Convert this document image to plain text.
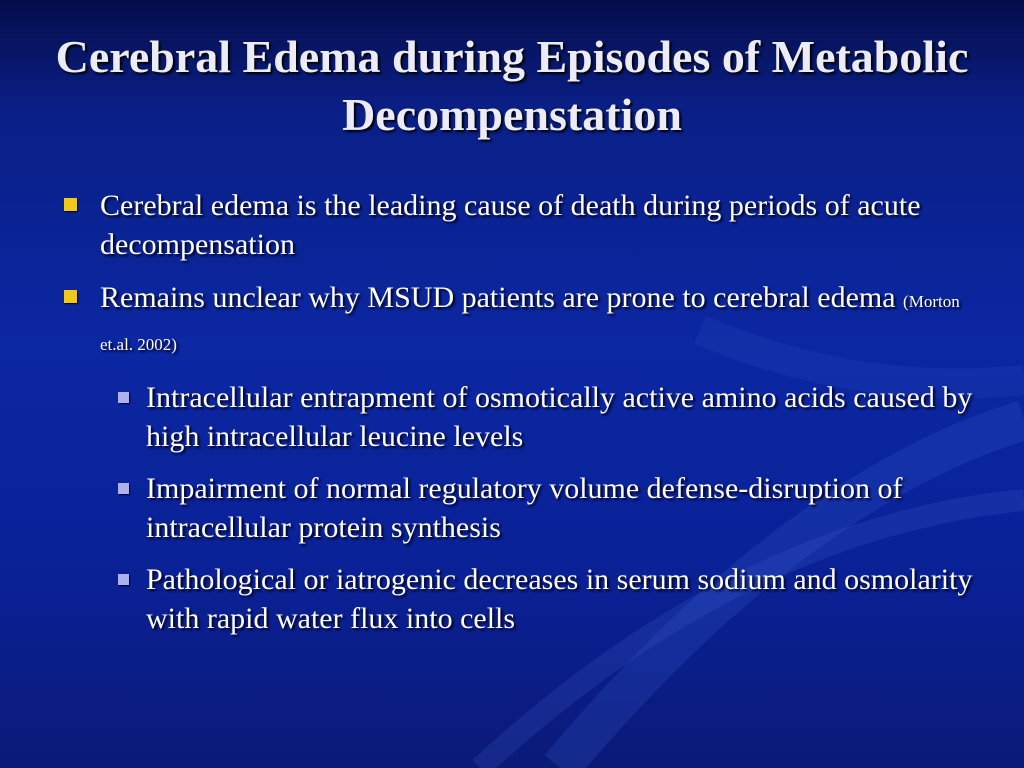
Cerebral Edema during Episodes of Metabolic Decompenstation
Cerebral edema is the leading cause of death during periods of acute decompensation
Remains unclear why MSUD patients are prone to cerebral edema (Morton et.al. 2002)
Intracellular entrapment of osmotically active amino acids caused by high intracellular leucine levels
Impairment of normal regulatory volume defense-disruption of intracellular protein synthesis
Pathological or iatrogenic decreases in serum sodium and osmolarity with rapid water flux into cells
